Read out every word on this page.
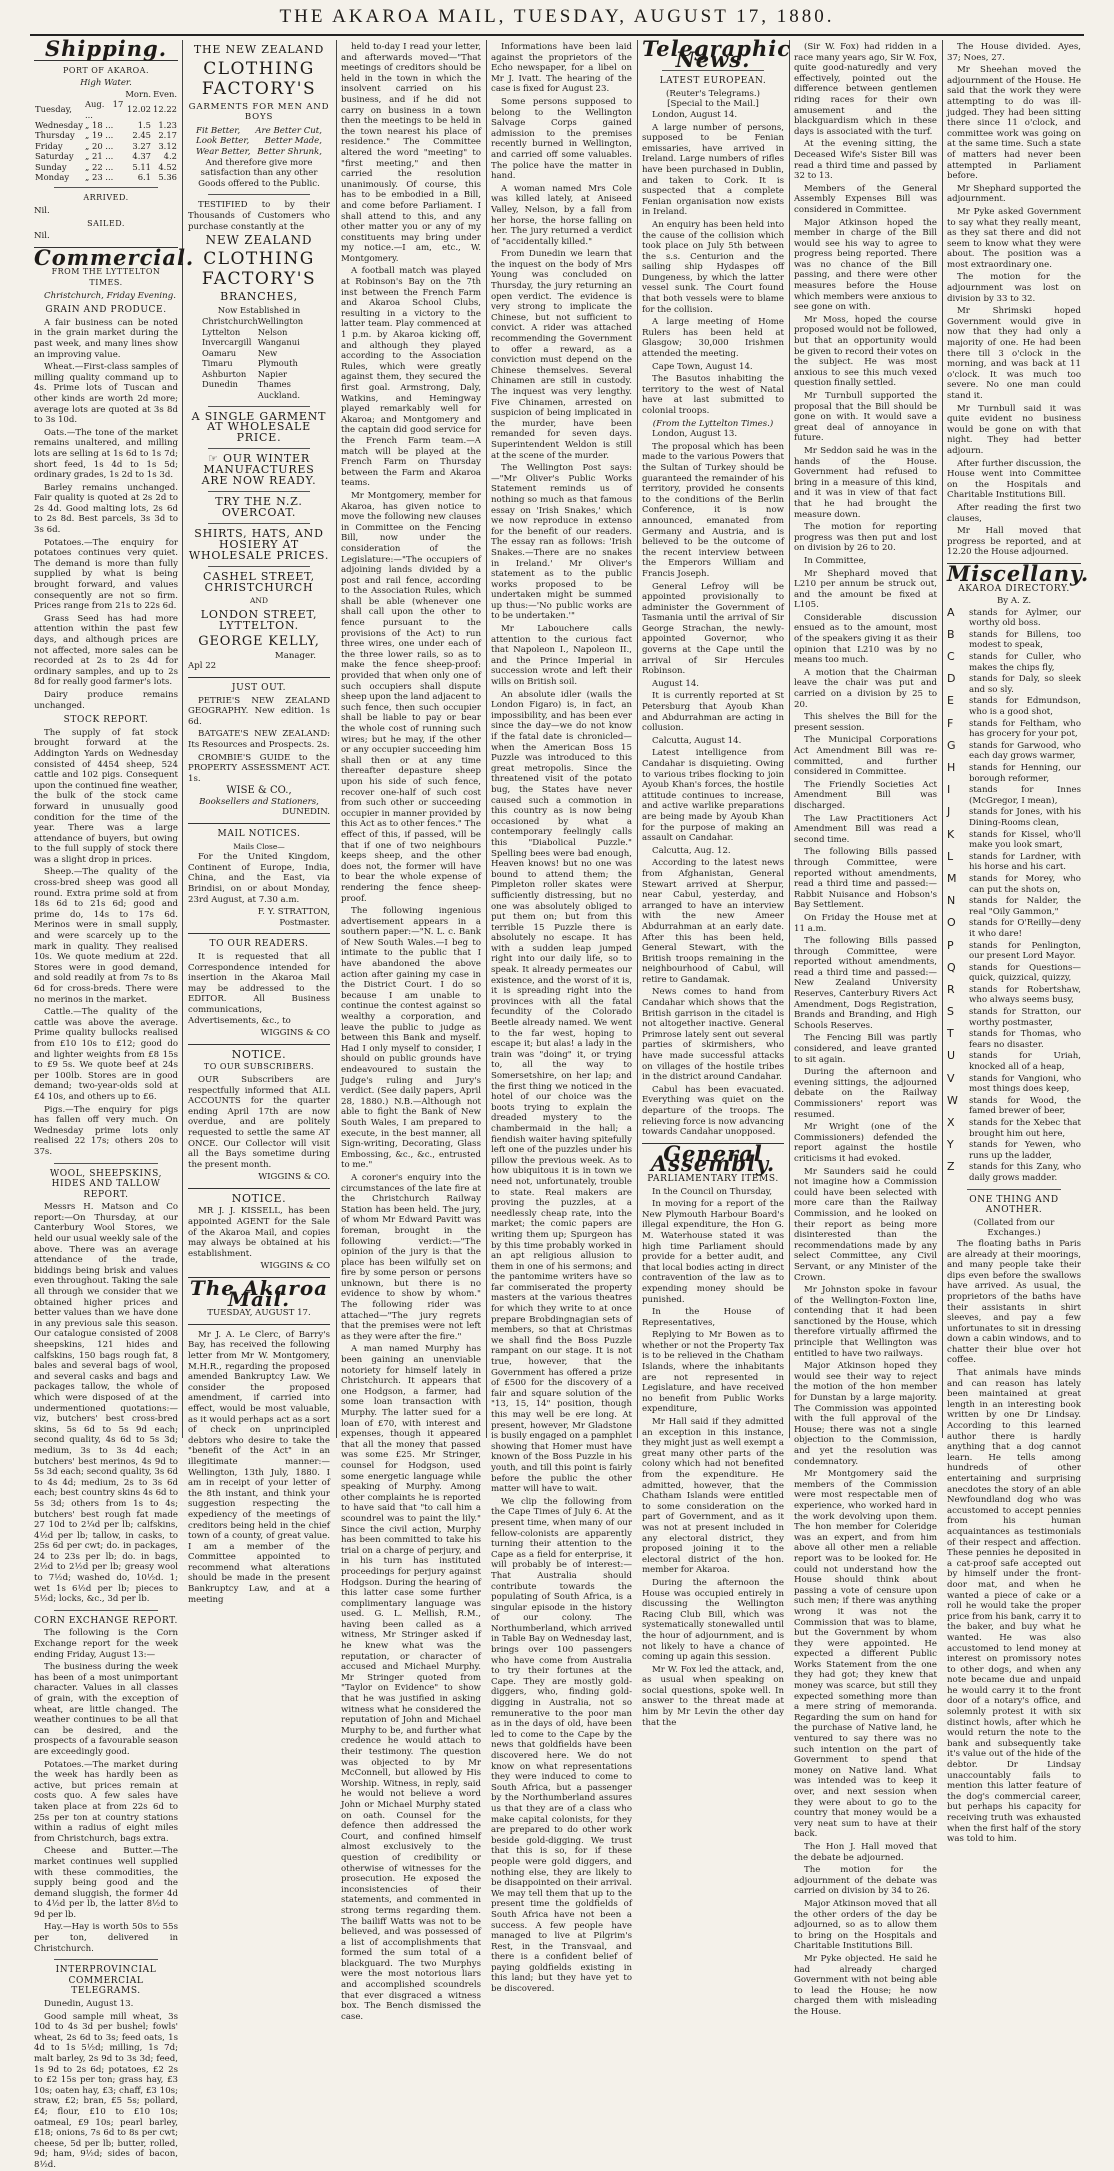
THE AKAROA MAIL, TUESDAY, AUGUST 17, 1880.
Shipping.
PORT OF AKAROA.
High Water.
		Morn.	Even.
Tuesday,	Aug. 17 ...	12.02	12.22
Wednesday	„ 18 ...	1.5	1.23
Thursday	„ 19 ...	2.45	2.17
Friday	„ 20 ...	3.27	3.12
Saturday	„ 21 ...	4.37	4.2
Sunday	„ 22 ...	5.11	4.52
Monday	„ 23 ...	6.1	5.36
ARRIVED.

Nil.

SAILED.

Nil.

Commercial.
FROM THE LYTTELTON TIMES.

Christchurch, Friday Evening.

GRAIN AND PRODUCE.

A fair business can be noted in the grain market during the past week, and many lines show an improving value.

Wheat.—First-class samples of milling quality command up to 4s. Prime lots of Tuscan and other kinds are worth 2d more; average lots are quoted at 3s 8d to 3s 10d.

Oats.—The tone of the market remains unaltered, and milling lots are selling at 1s 6d to 1s 7d; short feed, 1s 4d to 1s 5d; ordinary grades, 1s 2d to 1s 3d.

Barley remains unchanged. Fair quality is quoted at 2s 2d to 2s 4d. Good malting lots, 2s 6d to 2s 8d. Best parcels, 3s 3d to 3s 6d.

Potatoes.—The enquiry for potatoes continues very quiet. The demand is more than fully supplied by what is being brought forward, and values consequently are not so firm. Prices range from 21s to 22s 6d.

Grass Seed has had more attention within the past few days, and although prices are not affected, more sales can be recorded at 2s to 2s 4d for ordinary samples, and up to 2s 8d for really good farmer's lots.

Dairy produce remains unchanged.

STOCK REPORT.

The supply of fat stock brought forward at the Addington Yards on Wednesday consisted of 4454 sheep, 524 cattle and 102 pigs. Consequent upon the continued fine weather, the bulk of the stock came forward in unusually good condition for the time of the year. There was a large attendance of buyers, but owing to the full supply of stock there was a slight drop in prices.

Sheep.—The quality of the cross-bred sheep was good all round. Extra prime sold at from 18s 6d to 21s 6d; good and prime do, 14s to 17s 6d. Merinos were in small supply, and were scarcely up to the mark in quality. They realised 10s. We quote medium at 22d. Stores were in good demand, and sold readily at from 7s to 8s 6d for cross-breds. There were no merinos in the market.

Cattle.—The quality of the cattle was above the average. Prime quality bullocks realised from £10 10s to £12; good do and lighter weights from £8 15s to £9 5s. We quote beef at 24s per 100lb. Stores are in good demand; two-year-olds sold at £4 10s, and others up to £6.

Pigs.—The enquiry for pigs has fallen off very much. On Wednesday prime lots only realised 22 17s; others 20s to 37s.

WOOL, SHEEPSKINS, HIDES AND TALLOW REPORT.

Messrs H. Matson and Co report:—On Thursday, at our Canterbury Wool Stores, we held our usual weekly sale of the above. There was an average attendance of the trade, biddings being brisk and values even throughout. Taking the sale all through we consider that we obtained higher prices and better values than we have done in any previous sale this season. Our catalogue consisted of 2008 sheepskins, 121 hides and calfskins, 150 bags rough fat, 8 bales and several bags of wool, and several casks and bags and packages tallow, the whole of which were disposed of at the undermentioned quotations:—viz, butchers' best cross-bred skins, 5s 6d to 5s 9d each; second quality, 4s 6d to 5s 3d; medium, 3s to 3s 4d each; butchers' best merinos, 4s 9d to 5s 3d each; second quality, 3s 6d to 4s 4d; medium, 2s to 3s 6d each; best country skins 4s 6d to 5s 3d; others from 1s to 4s; butchers' best rough fat made 27 10d to 2¼d per lb; calfskins, 4½d per lb; tallow, in casks, to 25s 6d per cwt; do. in packages, 24 to 23s per lb; do. in bags, 2½d to 2½d per lb; greasy wool to 7½d; washed do, 10½d. 1; wet 1s 6½d per lb; pieces to 5½d; locks, &c., 3d per lb.

CORN EXCHANGE REPORT.

The following is the Corn Exchange report for the week ending Friday, August 13:—

The business during the week has been of a most unimportant character. Values in all classes of grain, with the exception of wheat, are little changed. The weather continues to be all that can be desired, and the prospects of a favourable season are exceedingly good.

Potatoes.—The market during the week has hardly been as active, but prices remain at costs quo. A few sales have taken place at from 22s 6d to 25s per ton at country stations within a radius of eight miles from Christchurch, bags extra.

Cheese and Butter.—The market continues well supplied with these commodities, the supply being good and the demand sluggish, the former 4d to 4½d per lb, the latter 8½d to 9d per lb.

Hay.—Hay is worth 50s to 55s per ton, delivered in Christchurch.

INTERPROVINCIAL COMMERCIAL TELEGRAMS.

Dunedin, August 13.

Good sample mill wheat, 3s 10d to 4s 3d per bushel; fowls' wheat, 2s 6d to 3s; feed oats, 1s 4d to 1s 5½d; milling, 1s 7d; malt barley, 2s 9d to 3s 3d; feed, 1s 9d to 2s 6d; potatoes, £2 2s to £2 15s per ton; grass hay, £3 10s; oaten hay, £3; chaff, £3 10s; straw, £2; bran, £5 5s; pollard, £4; flour, £10 to £10 10s; oatmeal, £9 10s; pearl barley, £18; onions, 7s 6d to 8s per cwt; cheese, 5d per lb; butter, rolled, 9d; ham, 9½d; sides of bacon, 8½d.

THE NEW ZEALAND
CLOTHING FACTORY'S
GARMENTS FOR MEN AND BOYS
Fit Better, Are Better Cut,
Look Better, Better Made,
Wear Better, Better Shrunk,

And therefore give more satisfaction than any other Goods offered to the Public.

TESTIFIED to by their Thousands of Customers who purchase constantly at the

NEW ZEALAND
CLOTHING FACTORY'S
BRANCHES,
Now Established in
Christchurch
Lyttelton
Invercargill
Oamaru
Timaru
Ashburton
Dunedin
Wellington
Nelson
Wanganui
New Plymouth
Napier
Thames
Auckland.
A SINGLE GARMENT AT WHOLESALE PRICE.
☞ OUR WINTER MANUFACTURES ARE NOW READY.
TRY THE N.Z. OVERCOAT.
SHIRTS, HATS, AND HOSIERY AT WHOLESALE PRICES.
CASHEL STREET, CHRISTCHURCH
AND
LONDON STREET, LYTTELTON.
GEORGE KELLY,
Manager.
Apl 22
JUST OUT.

PETRIE'S NEW ZEALAND GEOGRAPHY. New edition. 1s 6d.

BATGATE'S NEW ZEALAND: Its Resources and Prospects. 2s.

CROMBIE'S GUIDE to the PROPERTY ASSESSMENT ACT. 1s.

WISE & CO.,
Booksellers and Stationers,
DUNEDIN.
MAIL NOTICES.
Mails Close—

For the United Kingdom, Continent of Europe, India, China, and the East, via Brindisi, on or about Monday, 23rd August, at 7.30 a.m.

F. Y. STRATTON,
Postmaster.
TO OUR READERS.

It is requested that all Correspondence intended for insertion in the Akaroa Mail may be addressed to the EDITOR. All Business communications, Advertisements, &c., to

WIGGINS & CO
NOTICE.
TO OUR SUBSCRIBERS.

OUR Subscribers are respectfully informed that ALL ACCOUNTS for the quarter ending April 17th are now overdue, and are politely requested to settle the same AT ONCE. Our Collector will visit all the Bays sometime during the present month.

WIGGINS & CO.
NOTICE.

MR J. J. KISSELL, has been appointed AGENT for the Sale of the Akaroa Mail, and copies may always be obtained at his establishment.

WIGGINS & CO
The Akaroa Mail.
TUESDAY, AUGUST 17.

Mr J. A. Le Clerc, of Barry's Bay, has received the following letter from Mr W. Montgomery, M.H.R., regarding the proposed amended Bankruptcy Law. We consider the proposed amendment, if carried into effect, would be most valuable, as it would perhaps act as a sort of check on unprincipled debtors who desire to take the "benefit of the Act" in an illegitimate manner:—Wellington, 13th July, 1880. I am in receipt of your letter of the 8th instant, and think your suggestion respecting the expediency of the meetings of creditors being held in the chief town of a county, of great value. I am a member of the Committee appointed to recommend what alterations should be made in the present Bankruptcy Law, and at a meeting

held to-day I read your letter, and afterwards moved—"That meetings of creditors should be held in the town in which the insolvent carried on his business, and if he did not carry on business in a town then the meetings to be held in the town nearest his place of residence." The Committee altered the word "meeting" to "first meeting," and then carried the resolution unanimously. Of course, this has to be embodied in a Bill, and come before Parliament. I shall attend to this, and any other matter you or any of my constituents may bring under my notice.—I am, etc., W. Montgomery.

A football match was played at Robinson's Bay on the 7th inst between the French Farm and Akaroa School Clubs, resulting in a victory to the latter team. Play commenced at 1 p.m. by Akaroa kicking off, and although they played according to the Association Rules, which were greatly against them, they secured the first goal. Armstrong, Daly, Watkins, and Hemingway played remarkably well for Akaroa; and Montgomery and the captain did good service for the French Farm team.—A match will be played at the French Farm on Thursday between the Farm and Akaroa teams.

Mr Montgomery, member for Akaroa, has given notice to move the following new clauses in Committee on the Fencing Bill, now under the consideration of the Legislature:—"The occupiers of adjoining lands divided by a post and rail fence, according to the Association Rules, which shall be able (whenever one shall call upon the other to fence pursuant to the provisions of the Act) to run three wires, one under each of the three lower rails, so as to make the fence sheep-proof: provided that when only one of such occupiers shall dispute sheep upon the land adjacent to such fence, then such occupier shall be liable to pay or bear the whole cost of running such wires; but he may, if the other or any occupier succeeding him shall then or at any time thereafter depasture sheep upon his side of such fence, recover one-half of such cost from such other or succeeding occupier in manner provided by this Act as to other fences." The effect of this, if passed, will be that if one of two neighbours keeps sheep, and the other does not, the former will have to bear the whole expense of rendering the fence sheep-proof.

The following ingenious advertisement appears in a southern paper:—"N. L. c. Bank of New South Wales.—I beg to intimate to the public that I have abandoned the above action after gaining my case in the District Court. I do so because I am unable to continue the contest against so wealthy a corporation, and leave the public to judge as between this Bank and myself. Had I only myself to consider, I should on public grounds have endeavoured to sustain the Judge's ruling and Jury's verdict. (See daily papers, April 28, 1880.) N.B.—Although not able to fight the Bank of New South Wales, I am prepared to execute, in the best manner, all Sign-writing, Decorating, Glass Embossing, &c., &c., entrusted to me."

A coroner's enquiry into the circumstances of the late fire at the Christchurch Railway Station has been held. The jury, of whom Mr Edward Pavitt was foreman, brought in the following verdict:—"The opinion of the jury is that the place has been wilfully set on fire by some person or persons unknown, but there is no evidence to show by whom." The following rider was attached—"The jury regrets that the premises were not left as they were after the fire."

A man named Murphy has been gaining an unenviable notoriety for himself lately in Christchurch. It appears that one Hodgson, a farmer, had some loan transaction with Murphy. The latter sued for a loan of £70, with interest and expenses, though it appeared that all the money that passed was some £25. Mr Stringer, counsel for Hodgson, used some energetic language while speaking of Murphy. Among other complaints he is reported to have said that "to call him a scoundrel was to paint the lily." Since the civil action, Murphy has been committed to take his trial on a charge of perjury, and in his turn has instituted proceedings for perjury against Hodgson. During the hearing of this latter case some further complimentary language was used. G. L. Mellish, R.M., having been called as a witness, Mr Stringer asked if he knew what was the reputation, or character of accused and Michael Murphy. Mr Stringer quoted from "Taylor on Evidence" to show that he was justified in asking witness what he considered the reputation of John and Michael Murphy to be, and further what credence he would attach to their testimony. The question was objected to by Mr McConnell, but allowed by His Worship. Witness, in reply, said he would not believe a word John or Michael Murphy stated on oath. Counsel for the defence then addressed the Court, and confined himself almost exclusively to the question of credibility or otherwise of witnesses for the prosecution. He exposed the inconsistencies of their statements, and commented in strong terms regarding them. The bailiff Watts was not to be believed, and was possessed of a list of accomplishments that formed the sum total of a blackguard. The two Murphys were the most notorious liars and accomplished scoundrels that ever disgraced a witness box. The Bench dismissed the case.

Informations have been laid against the proprietors of the Echo newspaper, for a libel on Mr J. Ivatt. The hearing of the case is fixed for August 23.

Some persons supposed to belong to the Wellington Salvage Corps gained admission to the premises recently burned in Wellington, and carried off some valuables. The police have the matter in hand.

A woman named Mrs Cole was killed lately, at Aniseed Valley, Nelson, by a fall from her horse, the horse falling on her. The jury returned a verdict of "accidentally killed."

From Dunedin we learn that the inquest on the body of Mrs Young was concluded on Thursday, the jury returning an open verdict. The evidence is very strong to implicate the Chinese, but not sufficient to convict. A rider was attached recommending the Government to offer a reward, as a conviction must depend on the Chinese themselves. Several Chinamen are still in custody. The inquest was very lengthy. Five Chinamen, arrested on suspicion of being implicated in the murder, have been remanded for seven days. Superintendent Weldon is still at the scene of the murder.

The Wellington Post says:—"Mr Oliver's Public Works Statement reminds us of nothing so much as that famous essay on 'Irish Snakes,' which we now reproduce in extenso for the benefit of our readers. The essay ran as follows: 'Irish Snakes.—There are no snakes in Ireland.' Mr Oliver's statement as to the public works proposed to be undertaken might be summed up thus:—'No public works are to be undertaken.'"

Mr Labouchere calls attention to the curious fact that Napoleon I., Napoleon II., and the Prince Imperial in succession wrote and left their wills on British soil.

An absolute idler (wails the London Figaro) is, in fact, an impossibility, and has been ever since the day—we do not know if the fatal date is chronicled—when the American Boss 15 Puzzle was introduced to this great metropolis. Since the threatened visit of the potato bug, the States have never caused such a commotion in this country as is now being occasioned by what a contemporary feelingly calls this "Diabolical Puzzle." Spelling bees were bad enough, Heaven knows! but no one was bound to attend them; the Pimpleton roller skates were sufficiently distressing, but no one was absolutely obliged to put them on; but from this terrible 15 Puzzle there is absolutely no escape. It has with a sudden leap jumped right into our daily life, so to speak. It already permeates our existence, and the worst of it is, it is spreading right into the provinces with all the fatal fecundity of the Colorado Beetle already named. We went to the far west, hoping to escape it; but alas! a lady in the train was "doing" it, or trying to, all the way to Somersetshire, on her lap; and the first thing we noticed in the hotel of our choice was the boots trying to explain the dreaded mystery to the chambermaid in the hall; a fiendish waiter having spitefully left one of the puzzles under his pillow the previous week. As to how ubiquitous it is in town we need not, unfortunately, trouble to state. Real makers are proving the puzzles, at a needlessly cheap rate, into the market; the comic papers are writing them up; Spurgeon has by this time probably worked in an apt religious allusion to them in one of his sermons; and the pantomime writers have so far commiserated the property masters at the various theatres for which they write to at once prepare Brobdingnagian sets of members, so that at Christmas we shall find the Boss Puzzle rampant on our stage. It is not true, however, that the Government has offered a prize of £500 for the discovery of a fair and square solution of the "13, 15, 14" position, though this may well be ere long. At present, however, Mr Gladstone is busily engaged on a pamphlet showing that Homer must have known of the Boss Puzzle in his youth, and till this point is fairly before the public the other matter will have to wait.

We clip the following from the Cape Times of July 6. At the present time, when many of our fellow-colonists are apparently turning their attention to the Cape as a field for enterprise, it will probably be of interest:—That Australia should contribute towards the populating of South Africa, is a singular episode in the history of our colony. The Northumberland, which arrived in Table Bay on Wednesday last, brings over 100 passengers who have come from Australia to try their fortunes at the Cape. They are mostly gold-diggers, who, finding gold-digging in Australia, not so remunerative to the poor man as in the days of old, have been led to come to the Cape by the news that goldfields have been discovered here. We do not know on what representations they were induced to come to South Africa, but a passenger by the Northumberland assures us that they are of a class who make capital colonists, for they are prepared to do other work beside gold-digging. We trust that this is so, for if these people were gold diggers, and nothing else, they are likely to be disappointed on their arrival. We may tell them that up to the present time the goldfields of South Africa have not been a success. A few people have managed to live at Pilgrim's Rest, in the Transvaal, and there is a confident belief of paying goldfields existing in this land; but they have yet to be discovered.

Telegraphic News.
LATEST EUROPEAN.
(Reuter's Telegrams.)
[Special to the Mail.]

London, August 14.

A large number of persons, supposed to be Fenian emissaries, have arrived in Ireland. Large numbers of rifles have been purchased in Dublin, and taken to Cork. It is suspected that a complete Fenian organisation now exists in Ireland.

An enquiry has been held into the cause of the collision which took place on July 5th between the s.s. Centurion and the sailing ship Hydaspes off Dungeness, by which the latter vessel sunk. The Court found that both vessels were to blame for the collision.

A large meeting of Home Rulers has been held at Glasgow; 30,000 Irishmen attended the meeting.

Cape Town, August 14.

The Basutos inhabiting the territory to the west of Natal have at last submitted to colonial troops.

(From the Lyttelton Times.)

London, August 13.

The proposal which has been made to the various Powers that the Sultan of Turkey should be guaranteed the remainder of his territory, provided he consents to the conditions of the Berlin Conference, it is now announced, emanated from Germany and Austria, and is believed to be the outcome of the recent interview between the Emperors William and Francis Joseph.

General Lefroy will be appointed provisionally to administer the Government of Tasmania until the arrival of Sir George Strachan, the newly-appointed Governor, who governs at the Cape until the arrival of Sir Hercules Robinson.

August 14.

It is currently reported at St Petersburg that Ayoub Khan and Abdurrahman are acting in collusion.

Calcutta, August 14.

Latest intelligence from Candahar is disquieting. Owing to various tribes flocking to join Ayoub Khan's forces, the hostile attitude continues to increase, and active warlike preparations are being made by Ayoub Khan for the purpose of making an assault on Candahar.

Calcutta, Aug. 12.

According to the latest news from Afghanistan, General Stewart arrived at Sherpur, near Cabul, yesterday, and arranged to have an interview with the new Ameer Abdurrahman at an early date. After this has been held, General Stewart, with the British troops remaining in the neighbourhood of Cabul, will retire to Gandamak.

News comes to hand from Candahar which shows that the British garrison in the citadel is not altogether inactive. General Primrose lately sent out several parties of skirmishers, who have made successful attacks on villages of the hostile tribes in the district around Candahar.

Cabul has been evacuated. Everything was quiet on the departure of the troops. The relieving force is now advancing towards Candahar unopposed.

General Assembly.
PARLIAMENTARY ITEMS.

In the Council on Thursday,

In moving for a report of the New Plymouth Harbour Board's illegal expenditure, the Hon G. M. Waterhouse stated it was high time Parliament should provide for a better audit, and that local bodies acting in direct contravention of the law as to expending money should be punished.

In the House of Representatives,

Replying to Mr Bowen as to whether or not the Property Tax is to be relieved in the Chatham Islands, where the inhabitants are not represented in Legislature, and have received no benefit from Public Works expenditure,

Mr Hall said if they admitted an exception in this instance, they might just as well exempt a great many other parts of the colony which had not benefited from the expenditure. He admitted, however, that the Chatham Islands were entitled to some consideration on the part of Government, and as it was not at present included in any electoral district, they proposed joining it to the electoral district of the hon. member for Akaroa.

During the afternoon the House was occupied entirely in discussing the Wellington Racing Club Bill, which was systematically stonewalled until the hour of adjournment, and is not likely to have a chance of coming up again this session.

Mr W. Fox led the attack, and, as usual when speaking on social questions, spoke well. In answer to the threat made at him by Mr Levin the other day that the

(Sir W. Fox) had ridden in a race many years ago, Sir W. Fox, quite good-naturedly and very effectively, pointed out the difference between gentlemen riding races for their own amusement and the blackguardism which in these days is associated with the turf.

At the evening sitting, the Deceased Wife's Sister Bill was read a third time and passed by 32 to 13.

Members of the General Assembly Expenses Bill was considered in Committee.

Major Atkinson hoped the member in charge of the Bill would see his way to agree to progress being reported. There was no chance of the Bill passing, and there were other measures before the House which members were anxious to see gone on with.

Mr Moss, hoped the course proposed would not be followed, but that an opportunity would be given to record their votes on the subject. He was most anxious to see this much vexed question finally settled.

Mr Turnbull supported the proposal that the Bill should be gone on with. It would save a great deal of annoyance in future.

Mr Seddon said he was in the hands of the House. Government had refused to bring in a measure of this kind, and it was in view of that fact that he had brought the measure down.

The motion for reporting progress was then put and lost on division by 26 to 20.

In Committee,

Mr Shephard moved that L210 per annum be struck out, and the amount be fixed at L105.

Considerable discussion ensued as to the amount, most of the speakers giving it as their opinion that L210 was by no means too much.

A motion that the Chairman leave the chair was put and carried on a division by 25 to 20.

This shelves the Bill for the present session.

The Municipal Corporations Act Amendment Bill was re-committed, and further considered in Committee.

The Friendly Societies Act Amendment Bill was discharged.

The Law Practitioners Act Amendment Bill was read a second time.

The following Bills passed through Committee, were reported without amendments, read a third time and passed:—Rabbit Nuisance and Hobson's Bay Settlement.

On Friday the House met at 11 a.m.

The following Bills passed through Committee, were reported without amendments, read a third time and passed:—New Zealand University Reserves, Canterbury Rivers Act Amendment, Dogs Registration, Brands and Branding, and High Schools Reserves.

The Fencing Bill was partly considered, and leave granted to sit again.

During the afternoon and evening sittings, the adjourned debate on the Railway Commissioners' report was resumed.

Mr Wright (one of the Commissioners) defended the report against the hostile criticisms it had evoked.

Mr Saunders said he could not imagine how a Commission could have been selected with more care than the Railway Commission, and he looked on their report as being more disinterested than the recommendations made by any select Committee, any Civil Servant, or any Minister of the Crown.

Mr Johnston spoke in favour of the Wellington-Foxton line, contending that it had been sanctioned by the House, which therefore virtually affirmed the principle that Wellington was entitled to have two railways.

Major Atkinson hoped they would see their way to reject the motion of the hon member for Dunstan by a large majority. The Commission was appointed with the full approval of the House; there was not a single objection to the Commission, and yet the resolution was condemnatory.

Mr Montgomery said the members of the Commission were most respectable men of experience, who worked hard in the work devolving upon them. The hon member for Coleridge was an expert, and from him above all other men a reliable report was to be looked for. He could not understand how the House should think about passing a vote of censure upon such men; if there was anything wrong it was not the Commission that was to blame, but the Government by whom they were appointed. He expected a different Public Works Statement from the one they had got; they knew that money was scarce, but still they expected something more than a mere string of memoranda. Regarding the sum on hand for the purchase of Native land, he ventured to say there was no such intention on the part of Government to spend that money on Native land. What was intended was to keep it over, and next session when they were about to go to the country that money would be a very neat sum to have at their back.

The Hon J. Hall moved that the debate be adjourned.

The motion for the adjournment of the debate was carried on division by 34 to 26.

Major Atkinson moved that all the other orders of the day be adjourned, so as to allow them to bring on the Hospitals and Charitable Institutions Bill.

Mr Pyke objected. He said he had already charged Government with not being able to lead the House; he now charged them with misleading the House.

The House divided. Ayes, 37; Noes, 27.

Mr Sheehan moved the adjournment of the House. He said that the work they were attempting to do was ill-judged. They had been sitting there since 11 o'clock, and committee work was going on at the same time. Such a state of matters had never been attempted in Parliament before.

Mr Shephard supported the adjournment.

Mr Pyke asked Government to say what they really meant, as they sat there and did not seem to know what they were about. The position was a most extraordinary one.

The motion for the adjournment was lost on division by 33 to 32.

Mr Shrimski hoped Government would give in now that they had only a majority of one. He had been there till 3 o'clock in the morning, and was back at 11 o'clock. It was much too severe. No one man could stand it.

Mr Turnbull said it was quite evident no business would be gone on with that night. They had better adjourn.

After further discussion, the House went into Committee on the Hospitals and Charitable Institutions Bill.

After reading the first two clauses,

Mr Hall moved that progress be reported, and at 12.20 the House adjourned.

Miscellany.
AKAROA DIRECTORY.
By A. Z.
A	stands for Aylmer, our worthy old boss.
B	stands for Billens, too modest to speak,
C	stands for Culler, who makes the chips fly,
D	stands for Daly, so sleek and so sly.
E	stands for Edmundson, who is a good shot,
F	stands for Feltham, who has grocery for your pot,
G	stands for Garwood, who each day grows warmer,
H	stands for Henning, our borough reformer,
I	stands for Innes (McGregor, I mean),
J	stands for Jones, with his Dining-Rooms clean,
K	stands for Kissel, who'll make you look smart,
L	stands for Lardner, with his horse and his cart.
M stands for Morey, who can put the shots on,
N	stands for Nalder, the real "Oily Gammon,"
O	stands for O'Reilly—deny it who dare!
P	stands for Penlington, our present Lord Mayor.
Q	stands for Questions—quick, quizzical, quizzy,
R	stands for Robertshaw, who always seems busy,
S	stands for Stratton, our worthy postmaster,
T	stands for Thomas, who fears no disaster.
U	stands for Uriah, knocked all of a heap,
V	stands for Vangioni, who most things does keep,
W stands for Wood, the famed brewer of beer,
X	stands for the Xebec that brought him out here,
Y	stands for Yewen, who runs up the ladder,
Z	stands for this Zany, who daily grows madder.
ONE THING AND ANOTHER.
(Collated from our Exchanges.)

The floating baths in Paris are already at their moorings, and many people take their dips even before the swallows have arrived. As usual, the proprietors of the baths have their assistants in shirt sleeves, and pay a few unfortunates to sit in dressing down a cabin windows, and to chatter their blue over hot coffee.

That animals have minds and can reason has lately been maintained at great length in an interesting book written by one Dr Lindsay. According to this learned author there is hardly anything that a dog cannot learn. He tells among hundreds of other entertaining and surprising anecdotes the story of an able Newfoundland dog who was accustomed to accept pennies from his human acquaintances as testimonials of their respect and affection. These pennies he deposited in a cat-proof safe accepted out by himself under the front-door mat, and when he wanted a piece of cake or a roll he would take the proper price from his bank, carry it to the baker, and buy what he wanted. He was also accustomed to lend money at interest on promissory notes to other dogs, and when any note became due and unpaid he would carry it to the front door of a notary's office, and solemnly protest it with six distinct howls, after which he would return the note to the bank and subsequently take it's value out of the hide of the debtor. Dr Lindsay unaccountably fails to mention this latter feature of the dog's commercial career, but perhaps his capacity for receiving truth was exhausted when the first half of the story was told to him.
